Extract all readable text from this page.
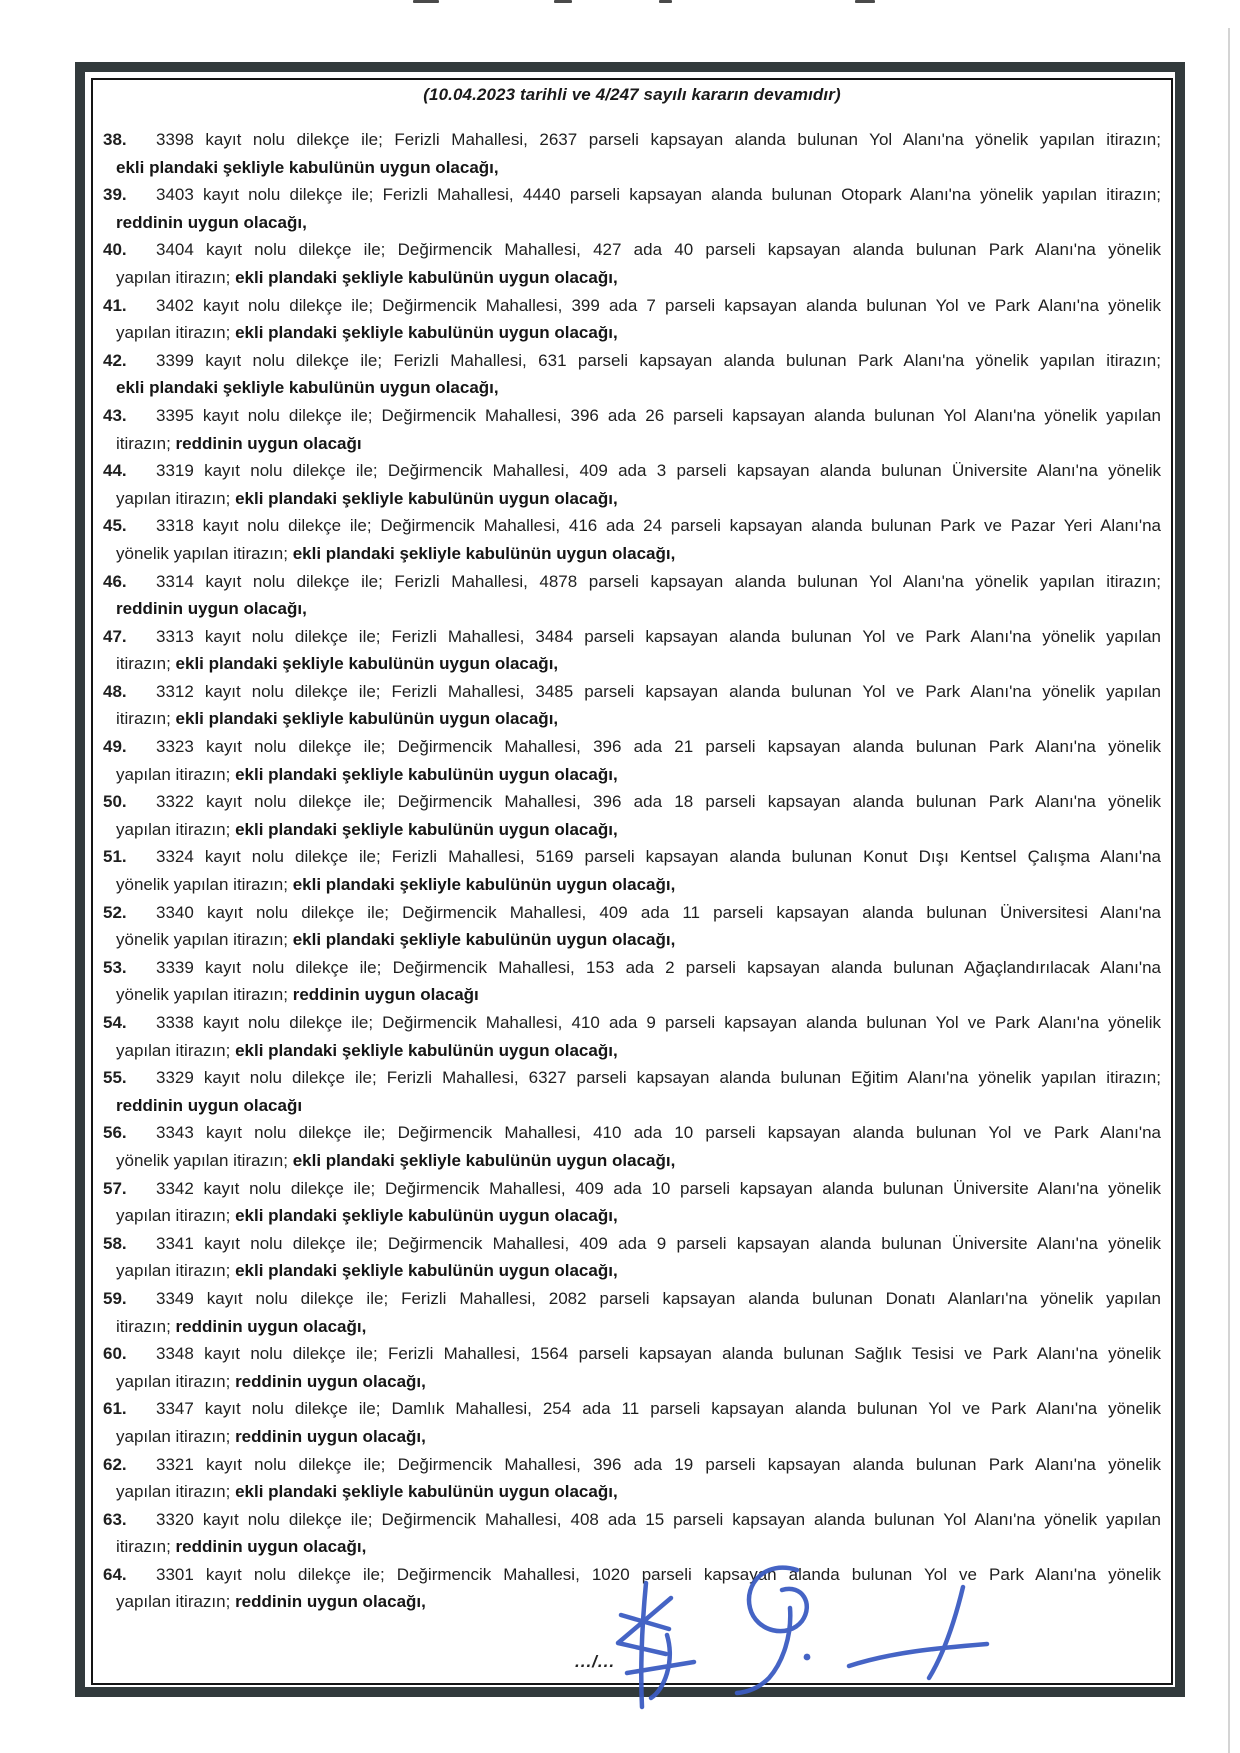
(10.04.2023 tarihli ve 4/247 sayılı kararın devamıdır)
38. 3398 kayıt nolu dilekçe ile; Ferizli Mahallesi, 2637 parseli kapsayan alanda bulunan Yol Alanı'na yönelik yapılan itirazın;
ekli plandaki şekliyle kabulünün uygun olacağı,
39. 3403 kayıt nolu dilekçe ile; Ferizli Mahallesi, 4440 parseli kapsayan alanda bulunan Otopark Alanı'na yönelik yapılan itirazın;
reddinin uygun olacağı,
40. 3404 kayıt nolu dilekçe ile; Değirmencik Mahallesi, 427 ada 40 parseli kapsayan alanda bulunan Park Alanı'na yönelik
yapılan itirazın; ekli plandaki şekliyle kabulünün uygun olacağı,
41. 3402 kayıt nolu dilekçe ile; Değirmencik Mahallesi, 399 ada 7 parseli kapsayan alanda bulunan Yol ve Park Alanı'na yönelik
yapılan itirazın; ekli plandaki şekliyle kabulünün uygun olacağı,
42. 3399 kayıt nolu dilekçe ile; Ferizli Mahallesi, 631 parseli kapsayan alanda bulunan Park Alanı'na yönelik yapılan itirazın;
ekli plandaki şekliyle kabulünün uygun olacağı,
43. 3395 kayıt nolu dilekçe ile; Değirmencik Mahallesi, 396 ada 26 parseli kapsayan alanda bulunan Yol Alanı'na yönelik yapılan
itirazın; reddinin uygun olacağı
44. 3319 kayıt nolu dilekçe ile; Değirmencik Mahallesi, 409 ada 3 parseli kapsayan alanda bulunan Üniversite Alanı'na yönelik
yapılan itirazın; ekli plandaki şekliyle kabulünün uygun olacağı,
45. 3318 kayıt nolu dilekçe ile; Değirmencik Mahallesi, 416 ada 24 parseli kapsayan alanda bulunan Park ve Pazar Yeri Alanı'na
yönelik yapılan itirazın; ekli plandaki şekliyle kabulünün uygun olacağı,
46. 3314 kayıt nolu dilekçe ile; Ferizli Mahallesi, 4878 parseli kapsayan alanda bulunan Yol Alanı'na yönelik yapılan itirazın;
reddinin uygun olacağı,
47. 3313 kayıt nolu dilekçe ile; Ferizli Mahallesi, 3484 parseli kapsayan alanda bulunan Yol ve Park Alanı'na yönelik yapılan
itirazın; ekli plandaki şekliyle kabulünün uygun olacağı,
48. 3312 kayıt nolu dilekçe ile; Ferizli Mahallesi, 3485 parseli kapsayan alanda bulunan Yol ve Park Alanı'na yönelik yapılan
itirazın; ekli plandaki şekliyle kabulünün uygun olacağı,
49. 3323 kayıt nolu dilekçe ile; Değirmencik Mahallesi, 396 ada 21 parseli kapsayan alanda bulunan Park Alanı'na yönelik
yapılan itirazın; ekli plandaki şekliyle kabulünün uygun olacağı,
50. 3322 kayıt nolu dilekçe ile; Değirmencik Mahallesi, 396 ada 18 parseli kapsayan alanda bulunan Park Alanı'na yönelik
yapılan itirazın; ekli plandaki şekliyle kabulünün uygun olacağı,
51. 3324 kayıt nolu dilekçe ile; Ferizli Mahallesi, 5169 parseli kapsayan alanda bulunan Konut Dışı Kentsel Çalışma Alanı'na
yönelik yapılan itirazın; ekli plandaki şekliyle kabulünün uygun olacağı,
52. 3340 kayıt nolu dilekçe ile; Değirmencik Mahallesi, 409 ada 11 parseli kapsayan alanda bulunan Üniversitesi Alanı'na
yönelik yapılan itirazın; ekli plandaki şekliyle kabulünün uygun olacağı,
53. 3339 kayıt nolu dilekçe ile; Değirmencik Mahallesi, 153 ada 2 parseli kapsayan alanda bulunan Ağaçlandırılacak Alanı'na
yönelik yapılan itirazın; reddinin uygun olacağı
54. 3338 kayıt nolu dilekçe ile; Değirmencik Mahallesi, 410 ada 9 parseli kapsayan alanda bulunan Yol ve Park Alanı'na yönelik
yapılan itirazın; ekli plandaki şekliyle kabulünün uygun olacağı,
55. 3329 kayıt nolu dilekçe ile; Ferizli Mahallesi, 6327 parseli kapsayan alanda bulunan Eğitim Alanı'na yönelik yapılan itirazın;
reddinin uygun olacağı
56. 3343 kayıt nolu dilekçe ile; Değirmencik Mahallesi, 410 ada 10 parseli kapsayan alanda bulunan Yol ve Park Alanı'na
yönelik yapılan itirazın; ekli plandaki şekliyle kabulünün uygun olacağı,
57. 3342 kayıt nolu dilekçe ile; Değirmencik Mahallesi, 409 ada 10 parseli kapsayan alanda bulunan Üniversite Alanı'na yönelik
yapılan itirazın; ekli plandaki şekliyle kabulünün uygun olacağı,
58. 3341 kayıt nolu dilekçe ile; Değirmencik Mahallesi, 409 ada 9 parseli kapsayan alanda bulunan Üniversite Alanı'na yönelik
yapılan itirazın; ekli plandaki şekliyle kabulünün uygun olacağı,
59. 3349 kayıt nolu dilekçe ile; Ferizli Mahallesi, 2082 parseli kapsayan alanda bulunan Donatı Alanları'na yönelik yapılan
itirazın; reddinin uygun olacağı,
60. 3348 kayıt nolu dilekçe ile; Ferizli Mahallesi, 1564 parseli kapsayan alanda bulunan Sağlık Tesisi ve Park Alanı'na yönelik
yapılan itirazın; reddinin uygun olacağı,
61. 3347 kayıt nolu dilekçe ile; Damlık Mahallesi, 254 ada 11 parseli kapsayan alanda bulunan Yol ve Park Alanı'na yönelik
yapılan itirazın; reddinin uygun olacağı,
62. 3321 kayıt nolu dilekçe ile; Değirmencik Mahallesi, 396 ada 19 parseli kapsayan alanda bulunan Park Alanı'na yönelik
yapılan itirazın; ekli plandaki şekliyle kabulünün uygun olacağı,
63. 3320 kayıt nolu dilekçe ile; Değirmencik Mahallesi, 408 ada 15 parseli kapsayan alanda bulunan Yol Alanı'na yönelik yapılan
itirazın; reddinin uygun olacağı,
64. 3301 kayıt nolu dilekçe ile; Değirmencik Mahallesi, 1020 parseli kapsayan alanda bulunan Yol ve Park Alanı'na yönelik
yapılan itirazın; reddinin uygun olacağı,
.../...
